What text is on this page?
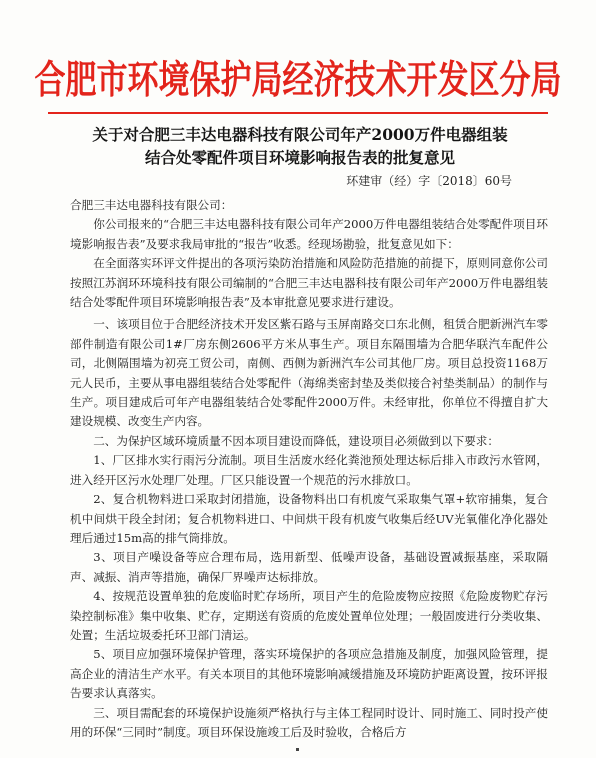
合肥市环境保护局经济技术开发区分局
关于对合肥三丰达电器科技有限公司年产2000万件电器组装
结合处零配件项目环境影响报告表的批复意见
环建审（经）字〔2018〕60号

合肥三丰达电器科技有限公司：

你公司报来的“合肥三丰达电器科技有限公司年产2000万件电器组装结合处零配件项目环境影响报告表”及要求我局审批的“报告”收悉。经现场勘验，批复意见如下：

在全面落实环评文件提出的各项污染防治措施和风险防范措施的前提下，原则同意你公司按照江苏润环环境科技有限公司编制的“合肥三丰达电器科技有限公司年产2000万件电器组装结合处零配件项目环境影响报告表”及本审批意见要求进行建设。

一、该项目位于合肥经济技术开发区紫石路与玉屏南路交口东北侧，租赁合肥新洲汽车零部件制造有限公司1#厂房东侧2606平方米从事生产。项目东隔围墙为合肥华联汽车配件公司，北侧隔围墙为初亮工贸公司，南侧、西侧为新洲汽车公司其他厂房。项目总投资1168万元人民币，主要从事电器组装结合处零配件（海绵类密封垫及类似接合衬垫类制品）的制作与生产。项目建成后可年产电器组装结合处零配件2000万件。未经审批，你单位不得擅自扩大建设规模、改变生产内容。

二、为保护区域环境质量不因本项目建设而降低，建设项目必须做到以下要求：

1、厂区排水实行雨污分流制。项目生活废水经化粪池预处理达标后排入市政污水管网，进入经开区污水处理厂处理。厂区只能设置一个规范的污水排放口。

2、复合机物料进口采取封闭措施，设备物料出口有机废气采取集气罩+软帘捕集，复合机中间烘干段全封闭；复合机物料进口、中间烘干段有机废气收集后经UV光氧催化净化器处理后通过15m高的排气筒排放。

3、项目产噪设备等应合理布局，选用新型、低噪声设备，基础设置减振基座，采取隔声、减振、消声等措施，确保厂界噪声达标排放。

4、按规范设置单独的危废临时贮存场所，项目产生的危险废物应按照《危险废物贮存污染控制标准》集中收集、贮存，定期送有资质的危废处置单位处理；一般固废进行分类收集、处置；生活垃圾委托环卫部门清运。

5、项目应加强环境保护管理，落实环境保护的各项应急措施及制度，加强风险管理，提高企业的清洁生产水平。有关本项目的其他环境影响减缓措施及环境防护距离设置，按环评报告要求认真落实。

三、项目需配套的环境保护设施须严格执行与主体工程同时设计、同时施工、同时投产使用的环保“三同时”制度。项目环保设施竣工后及时验收，合格后方
